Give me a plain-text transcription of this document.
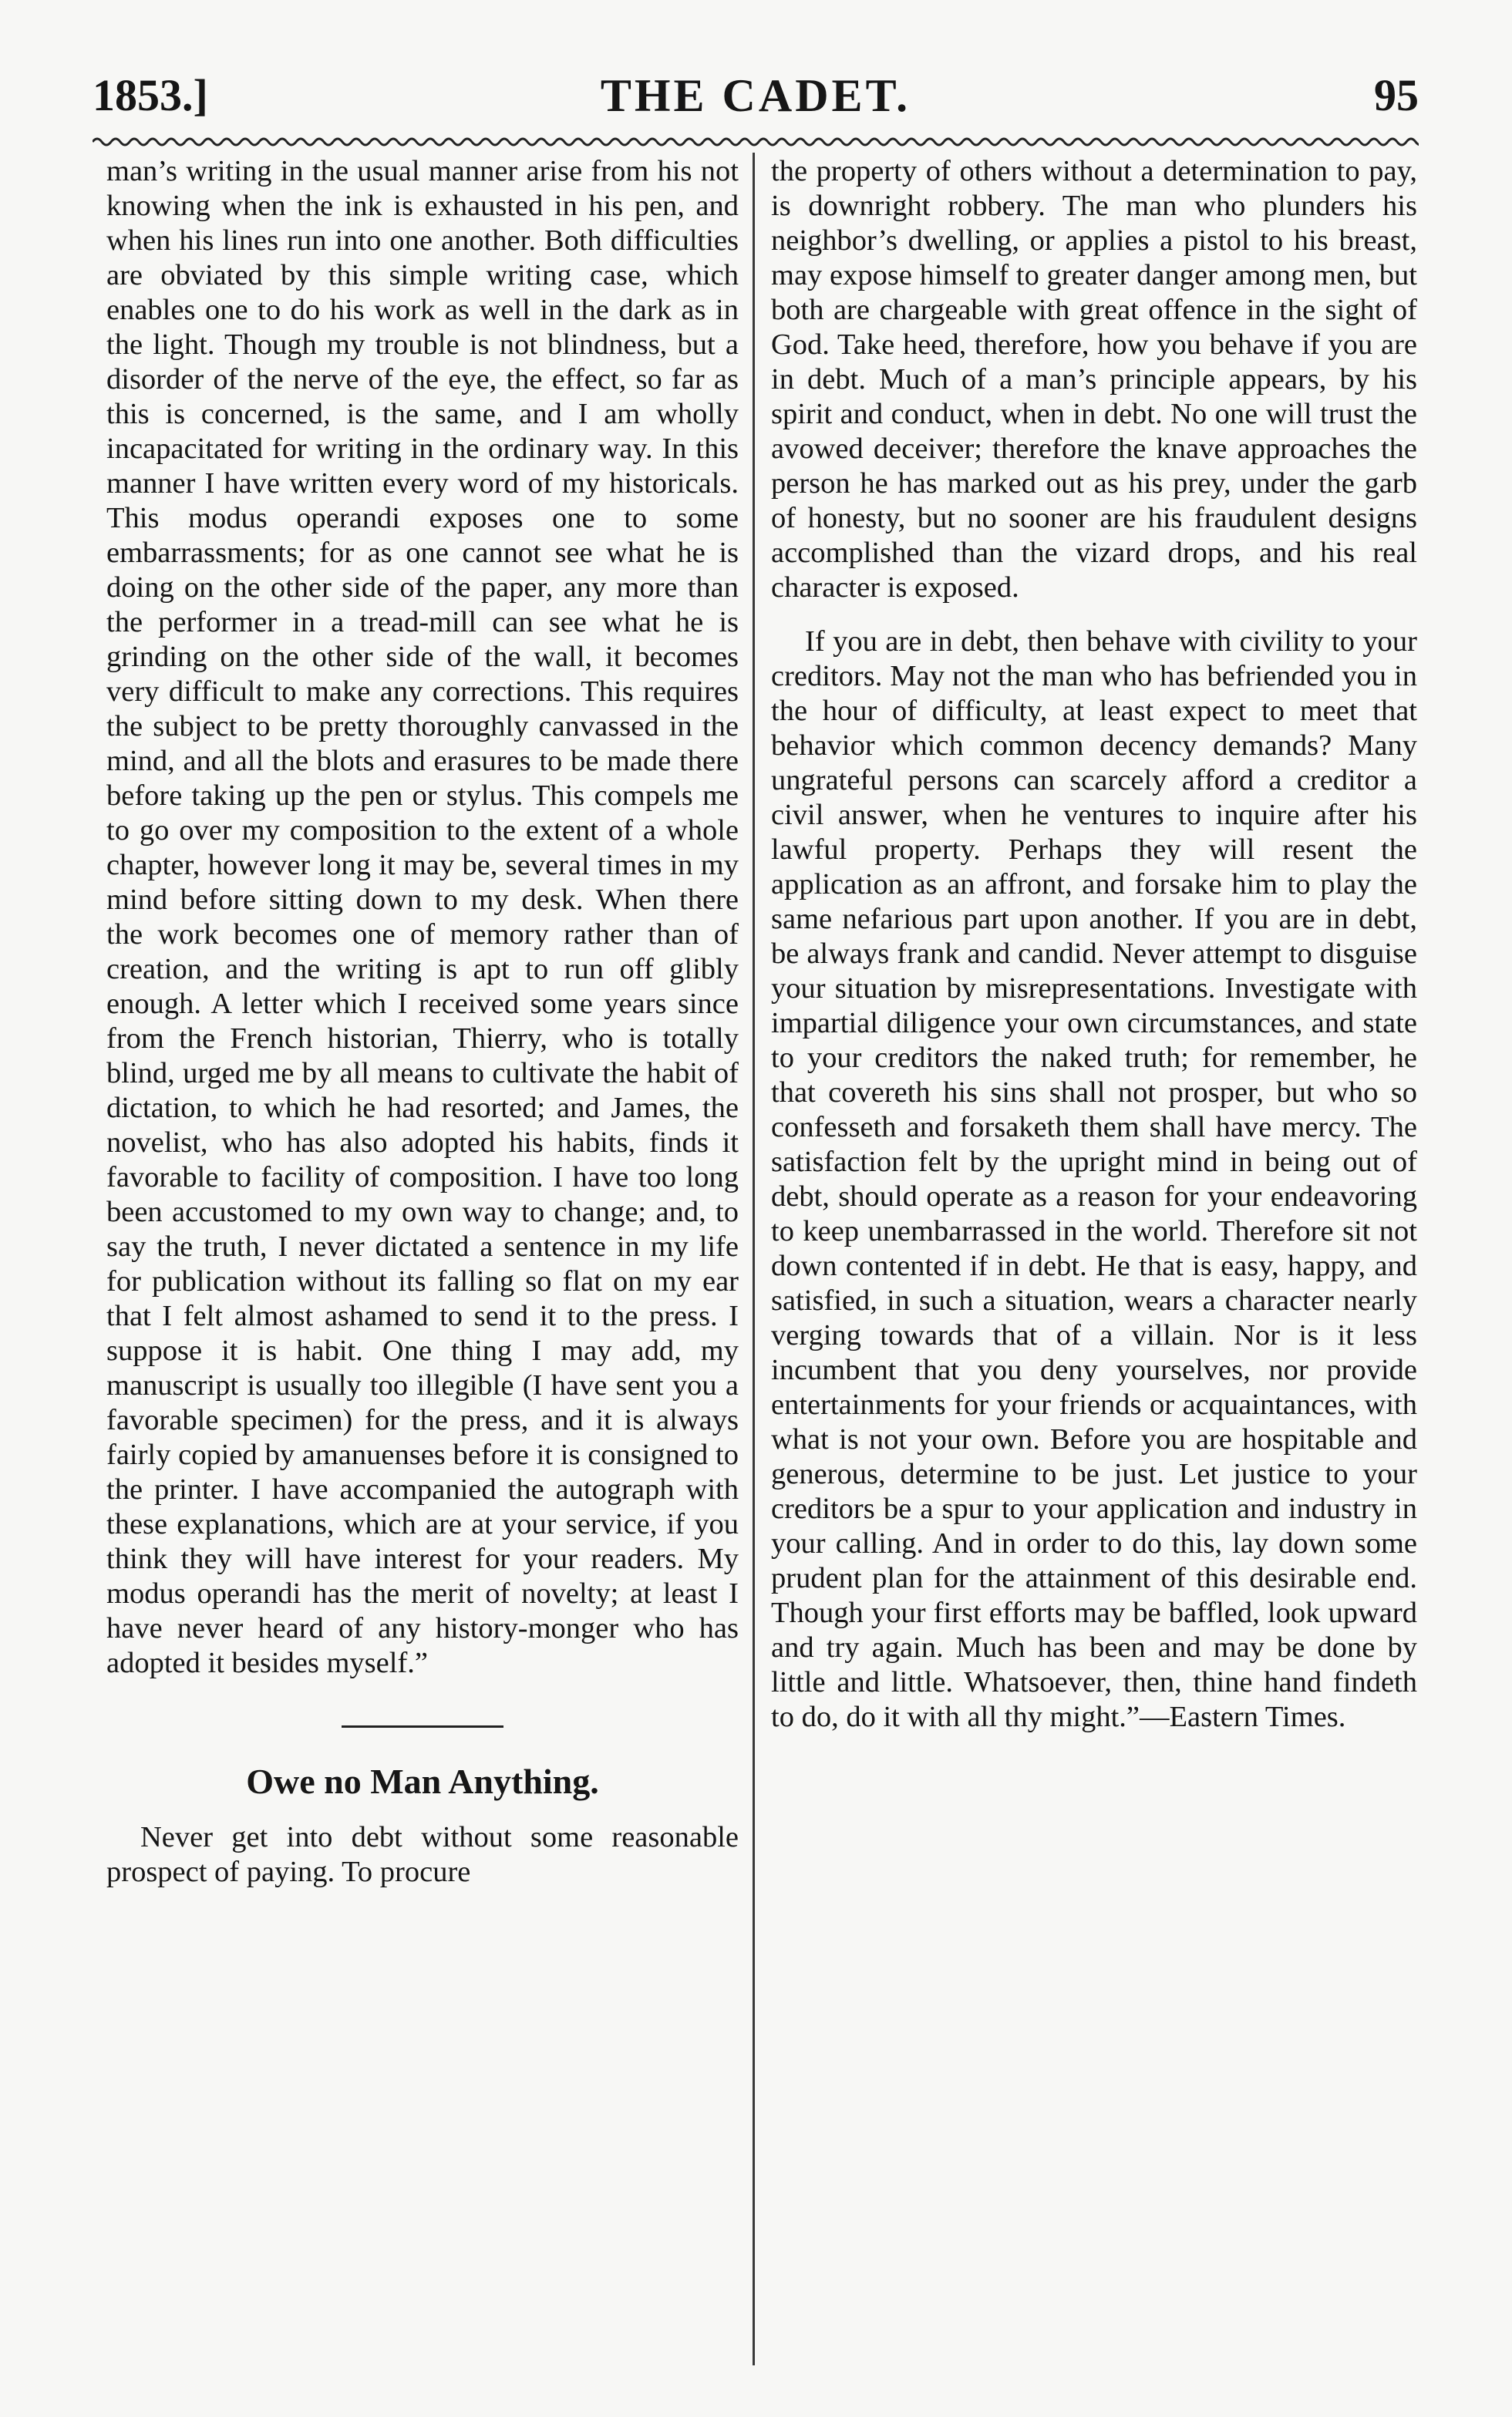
1853.]	THE CADET.	95

man’s writing in the usual manner arise from his not knowing when the ink is exhausted in his pen, and when his lines run into one another. Both difficulties are obviated by this simple writing case, which enables one to do his work as well in the dark as in the light. Though my trouble is not blindness, but a disorder of the nerve of the eye, the effect, so far as this is concerned, is the same, and I am wholly incapacitated for writing in the ordinary way. In this manner I have written every word of my historicals. This modus operandi exposes one to some embarrassments; for as one cannot see what he is doing on the other side of the paper, any more than the performer in a tread-mill can see what he is grinding on the other side of the wall, it becomes very difficult to make any corrections. This requires the subject to be pretty thoroughly canvassed in the mind, and all the blots and erasures to be made there before taking up the pen or stylus. This compels me to go over my composition to the extent of a whole chapter, however long it may be, several times in my mind before sitting down to my desk. When there the work becomes one of memory rather than of creation, and the writing is apt to run off glibly enough. A letter which I received some years since from the French historian, Thierry, who is totally blind, urged me by all means to cultivate the habit of dictation, to which he had resorted; and James, the novelist, who has also adopted his habits, finds it favorable to facility of composition. I have too long been accustomed to my own way to change; and, to say the truth, I never dictated a sentence in my life for publication without its falling so flat on my ear that I felt almost ashamed to send it to the press. I suppose it is habit. One thing I may add, my manuscript is usually too illegible (I have sent you a favorable specimen) for the press, and it is always fairly copied by amanuenses before it is consigned to the printer. I have accompanied the autograph with these explanations, which are at your service, if you think they will have interest for your readers. My modus operandi has the merit of novelty; at least I have never heard of any history-monger who has adopted it besides myself.”

Owe no Man Anything.

Never get into debt without some reasonable prospect of paying. To procure

the property of others without a determination to pay, is downright robbery. The man who plunders his neighbor’s dwelling, or applies a pistol to his breast, may expose himself to greater danger among men, but both are chargeable with great offence in the sight of God. Take heed, therefore, how you behave if you are in debt. Much of a man’s principle appears, by his spirit and conduct, when in debt. No one will trust the avowed deceiver; therefore the knave approaches the person he has marked out as his prey, under the garb of honesty, but no sooner are his fraudulent designs accomplished than the vizard drops, and his real character is exposed.

If you are in debt, then behave with civility to your creditors. May not the man who has befriended you in the hour of difficulty, at least expect to meet that behavior which common decency demands? Many ungrateful persons can scarcely afford a creditor a civil answer, when he ventures to inquire after his lawful property. Perhaps they will resent the application as an affront, and forsake him to play the same nefarious part upon another. If you are in debt, be always frank and candid. Never attempt to disguise your situation by misrepresentations. Investigate with impartial diligence your own circumstances, and state to your creditors the naked truth; for remember, he that covereth his sins shall not prosper, but who so confesseth and forsaketh them shall have mercy. The satisfaction felt by the upright mind in being out of debt, should operate as a reason for your endeavoring to keep unembarrassed in the world. Therefore sit not down contented if in debt. He that is easy, happy, and satisfied, in such a situation, wears a character nearly verging towards that of a villain. Nor is it less incumbent that you deny yourselves, nor provide entertainments for your friends or acquaintances, with what is not your own. Before you are hospitable and generous, determine to be just. Let justice to your creditors be a spur to your application and industry in your calling. And in order to do this, lay down some prudent plan for the attainment of this desirable end. Though your first efforts may be baffled, look upward and try again. Much has been and may be done by little and little. Whatsoever, then, thine hand findeth to do, do it with all thy might.”—Eastern Times.
